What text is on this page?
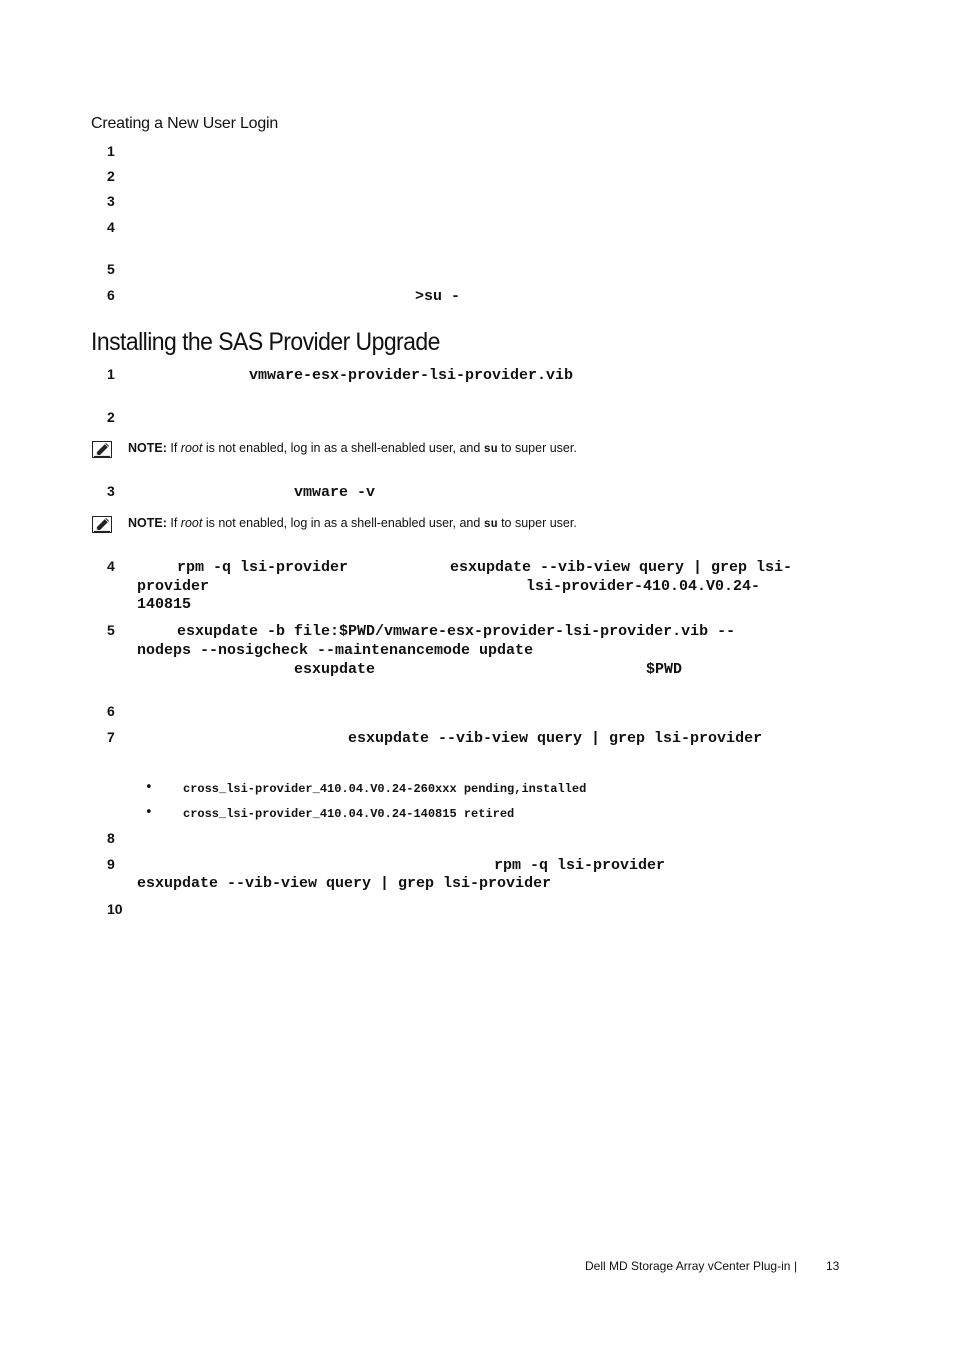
Creating a New User Login
1
2
3
4
5
6	>su -
Installing the SAS Provider Upgrade
1	vmware-esx-provider-lsi-provider.vib
2
NOTE: If root is not enabled, log in as a shell-enabled user, and su to super user.
3	vmware -v
NOTE: If root is not enabled, log in as a shell-enabled user, and su to super user.
4	rpm -q lsi-provider	esxupdate --vib-view query | grep lsi-
provider	lsi-provider-410.04.V0.24-
140815
5	esxupdate -b file:$PWD/vmware-esx-provider-lsi-provider.vib --
nodeps --nosigcheck --maintenancemode update
esxupdate	$PWD
6
7	esxupdate --vib-view query | grep lsi-provider
•	cross_lsi-provider_410.04.V0.24-260xxx pending,installed
•	cross_lsi-provider_410.04.V0.24-140815 retired
8
9	rpm -q lsi-provider
esxupdate --vib-view query | grep lsi-provider
10
Dell MD Storage Array vCenter Plug-in | 13
